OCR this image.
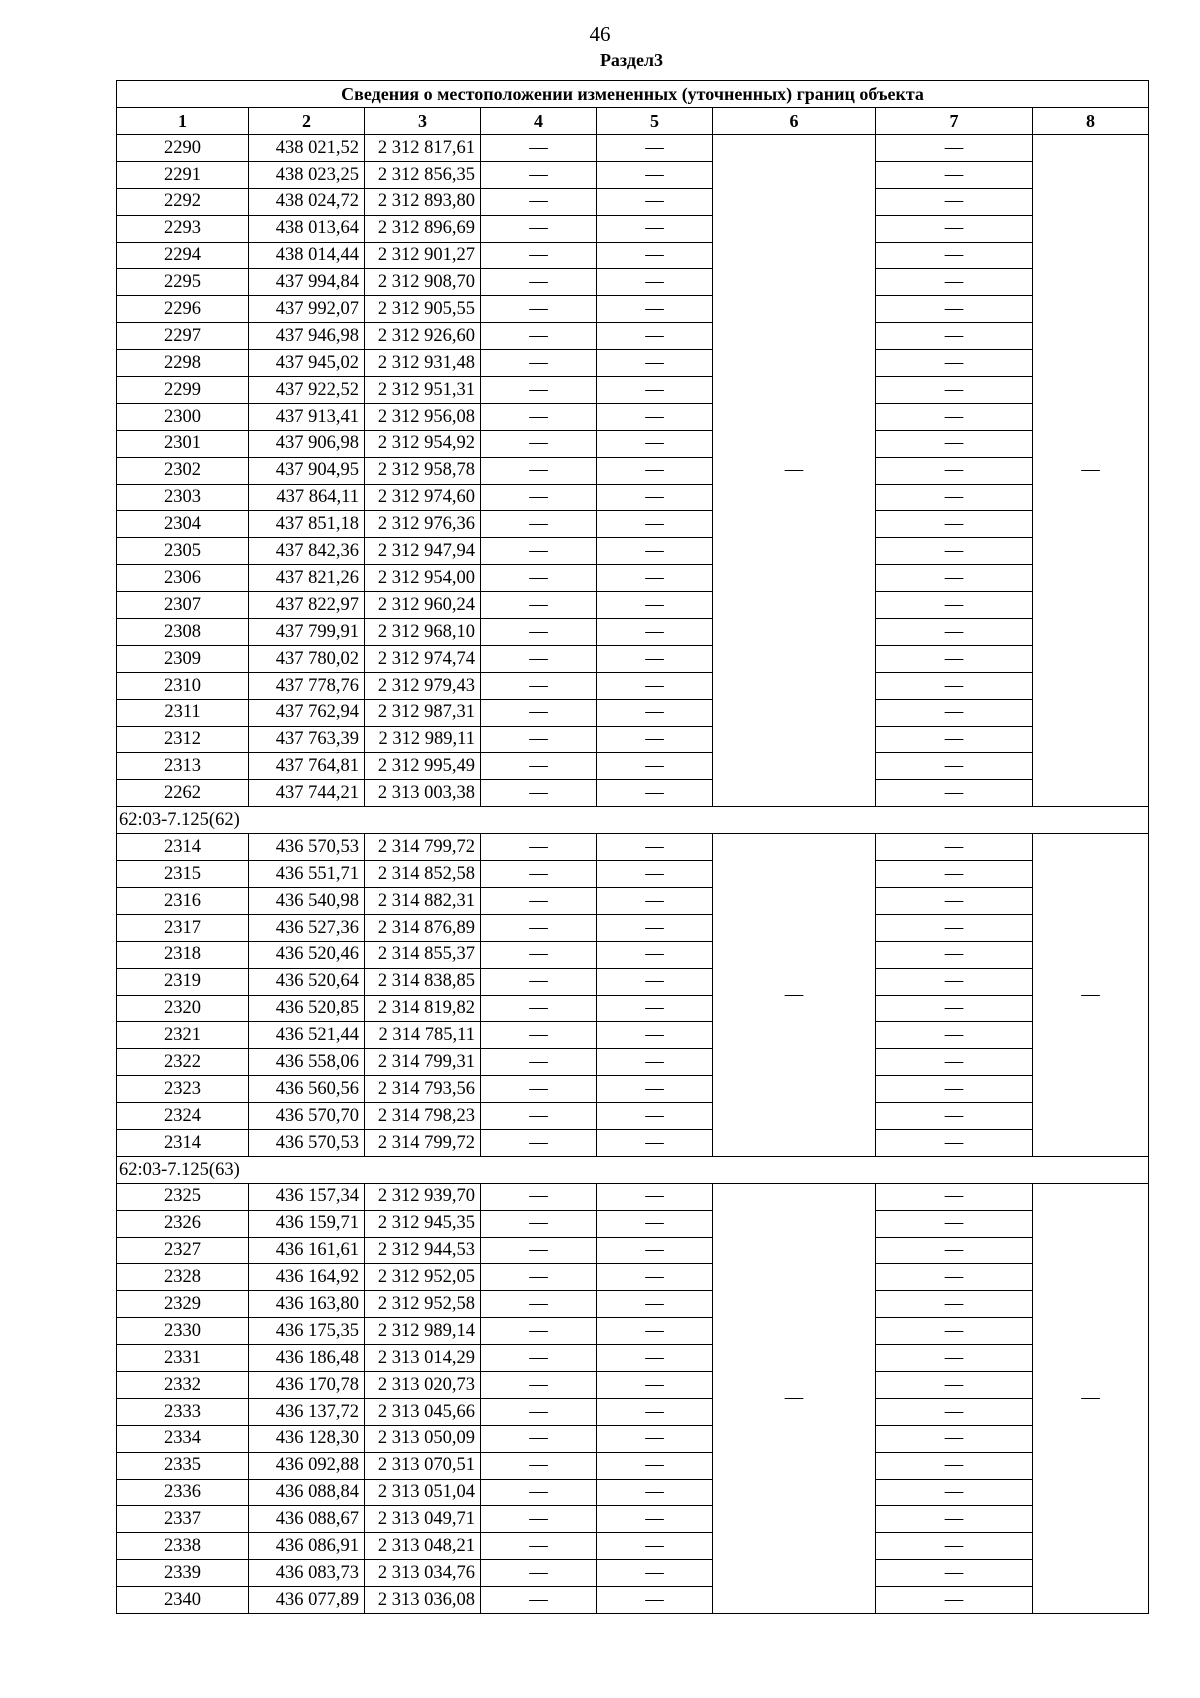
46
Раздел3
Сведения о местоположении измененных (уточненных) границ объекта							
1	2	3	4	5	6	7	8
2290	438 021,52	2 312 817,61	—	—	—	—	—
2291	438 023,25	2 312 856,35	—	—		—	
2292	438 024,72	2 312 893,80	—	—		—	
2293	438 013,64	2 312 896,69	—	—		—	
2294	438 014,44	2 312 901,27	—	—		—	
2295	437 994,84	2 312 908,70	—	—		—	
2296	437 992,07	2 312 905,55	—	—		—	
2297	437 946,98	2 312 926,60	—	—		—	
2298	437 945,02	2 312 931,48	—	—		—	
2299	437 922,52	2 312 951,31	—	—		—	
2300	437 913,41	2 312 956,08	—	—		—	
2301	437 906,98	2 312 954,92	—	—		—	
2302	437 904,95	2 312 958,78	—	—		—	
2303	437 864,11	2 312 974,60	—	—		—	
2304	437 851,18	2 312 976,36	—	—		—	
2305	437 842,36	2 312 947,94	—	—		—	
2306	437 821,26	2 312 954,00	—	—		—	
2307	437 822,97	2 312 960,24	—	—		—	
2308	437 799,91	2 312 968,10	—	—		—	
2309	437 780,02	2 312 974,74	—	—		—	
2310	437 778,76	2 312 979,43	—	—		—	
2311	437 762,94	2 312 987,31	—	—		—	
2312	437 763,39	2 312 989,11	—	—		—	
2313	437 764,81	2 312 995,49	—	—		—	
2262	437 744,21	2 313 003,38	—	—		—	
62:03-7.125(62)							
2314	436 570,53	2 314 799,72	—	—	—	—	—
2315	436 551,71	2 314 852,58	—	—		—	
2316	436 540,98	2 314 882,31	—	—		—	
2317	436 527,36	2 314 876,89	—	—		—	
2318	436 520,46	2 314 855,37	—	—		—	
2319	436 520,64	2 314 838,85	—	—		—	
2320	436 520,85	2 314 819,82	—	—		—	
2321	436 521,44	2 314 785,11	—	—		—	
2322	436 558,06	2 314 799,31	—	—		—	
2323	436 560,56	2 314 793,56	—	—		—	
2324	436 570,70	2 314 798,23	—	—		—	
2314	436 570,53	2 314 799,72	—	—		—	
62:03-7.125(63)							
2325	436 157,34	2 312 939,70	—	—	—	—	—
2326	436 159,71	2 312 945,35	—	—		—	
2327	436 161,61	2 312 944,53	—	—		—	
2328	436 164,92	2 312 952,05	—	—		—	
2329	436 163,80	2 312 952,58	—	—		—	
2330	436 175,35	2 312 989,14	—	—		—	
2331	436 186,48	2 313 014,29	—	—		—	
2332	436 170,78	2 313 020,73	—	—		—	
2333	436 137,72	2 313 045,66	—	—		—	
2334	436 128,30	2 313 050,09	—	—		—	
2335	436 092,88	2 313 070,51	—	—		—	
2336	436 088,84	2 313 051,04	—	—		—	
2337	436 088,67	2 313 049,71	—	—		—	
2338	436 086,91	2 313 048,21	—	—		—	
2339	436 083,73	2 313 034,76	—	—		—	
2340	436 077,89	2 313 036,08	—	—		—	
